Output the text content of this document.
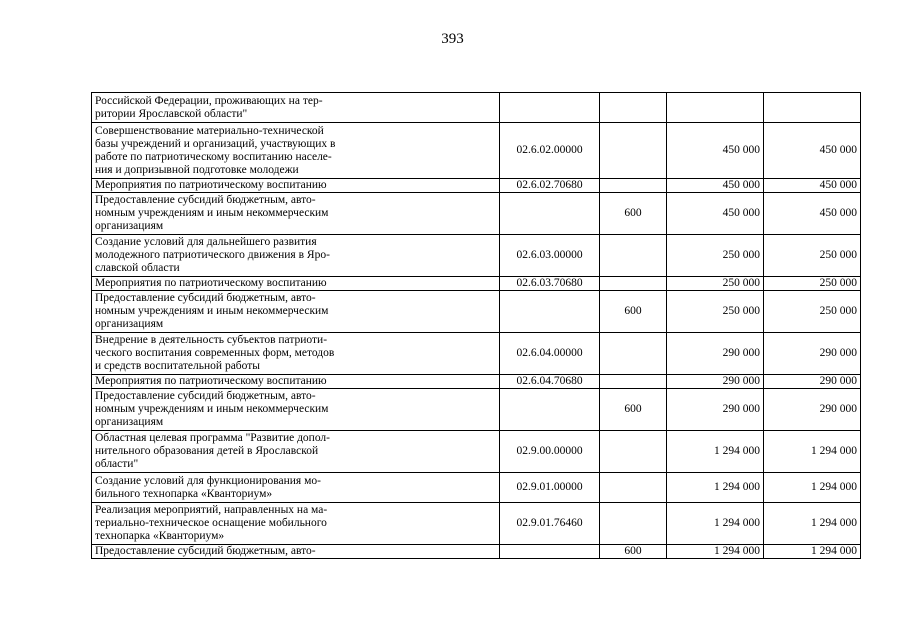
393
Российской Федерации, проживающих на тер-
ритории Ярославской области"				

Совершенствование материально-технической
базы учреждений и организаций, участвующих в
работе по патриотическому воспитанию населе-
ния и допризывной подготовке молодежи	02.6.02.00000		450 000	450 000

Мероприятия по патриотическому воспитанию	02.6.02.70680		450 000	450 000

Предоставление субсидий бюджетным, авто-
номным учреждениям и иным некоммерческим
организациям		600	450 000	450 000

Создание условий для дальнейшего развития
молодежного патриотического движения в Яро-
славской области	02.6.03.00000		250 000	250 000

Мероприятия по патриотическому воспитанию	02.6.03.70680		250 000	250 000

Предоставление субсидий бюджетным, авто-
номным учреждениям и иным некоммерческим
организациям		600	250 000	250 000

Внедрение в деятельность субъектов патриоти-
ческого воспитания современных форм, методов
и средств воспитательной работы	02.6.04.00000		290 000	290 000

Мероприятия по патриотическому воспитанию	02.6.04.70680		290 000	290 000

Предоставление субсидий бюджетным, авто-
номным учреждениям и иным некоммерческим
организациям		600	290 000	290 000

Областная целевая программа "Развитие допол-
нительного образования детей в Ярославской
области"	02.9.00.00000		1 294 000	1 294 000

Создание условий для функционирования мо-
бильного технопарка «Кванториум»	02.9.01.00000		1 294 000	1 294 000

Реализация мероприятий, направленных на ма-
териально-техническое оснащение мобильного
технопарка «Кванториум»	02.9.01.76460		1 294 000	1 294 000

Предоставление субсидий бюджетным, авто-		600	1 294 000	1 294 000
